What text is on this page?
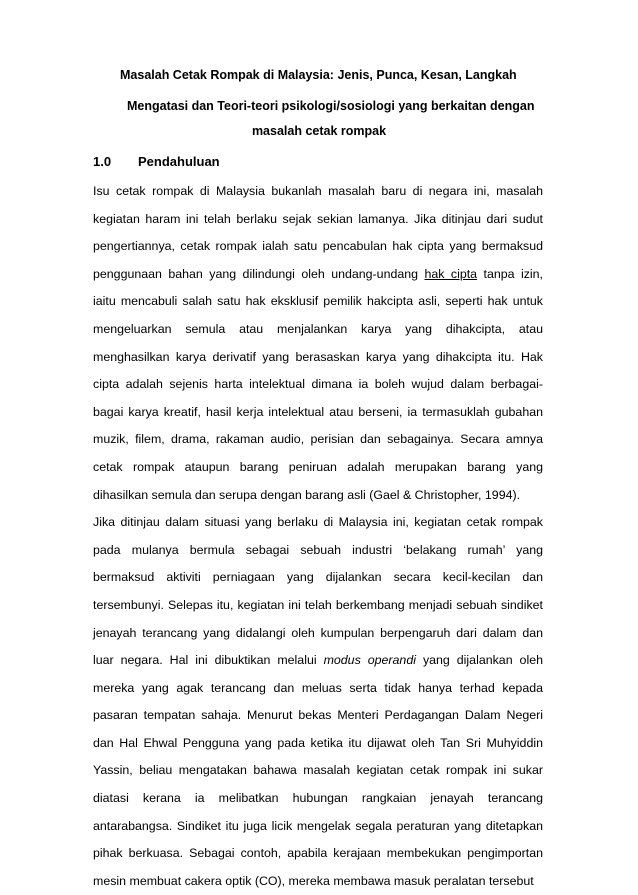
Masalah Cetak Rompak di Malaysia: Jenis, Punca, Kesan, Langkah
Mengatasi dan Teori-teori psikologi/sosiologi yang berkaitan dengan
masalah cetak rompak
1.0 Pendahuluan
Isu cetak rompak di Malaysia bukanlah masalah baru di negara ini, masalah
kegiatan haram ini telah berlaku sejak sekian lamanya. Jika ditinjau dari sudut
pengertiannya, cetak rompak ialah satu pencabulan hak cipta yang bermaksud
penggunaan bahan yang dilindungi oleh undang-undang hak cipta tanpa izin,
iaitu mencabuli salah satu hak eksklusif pemilik hakcipta asli, seperti hak untuk
mengeluarkan semula atau menjalankan karya yang dihakcipta, atau
menghasilkan karya derivatif yang berasaskan karya yang dihakcipta itu. Hak
cipta adalah sejenis harta intelektual dimana ia boleh wujud dalam berbagai-
bagai karya kreatif, hasil kerja intelektual atau berseni, ia termasuklah gubahan
muzik, filem, drama, rakaman audio, perisian dan sebagainya. Secara amnya
cetak rompak ataupun barang peniruan adalah merupakan barang yang
dihasilkan semula dan serupa dengan barang asli (Gael & Christopher, 1994).
Jika ditinjau dalam situasi yang berlaku di Malaysia ini, kegiatan cetak rompak
pada mulanya bermula sebagai sebuah industri ‘belakang rumah’ yang
bermaksud aktiviti perniagaan yang dijalankan secara kecil-kecilan dan
tersembunyi. Selepas itu, kegiatan ini telah berkembang menjadi sebuah sindiket
jenayah terancang yang didalangi oleh kumpulan berpengaruh dari dalam dan
luar negara. Hal ini dibuktikan melalui modus operandi yang dijalankan oleh
mereka yang agak terancang dan meluas serta tidak hanya terhad kepada
pasaran tempatan sahaja. Menurut bekas Menteri Perdagangan Dalam Negeri
dan Hal Ehwal Pengguna yang pada ketika itu dijawat oleh Tan Sri Muhyiddin
Yassin, beliau mengatakan bahawa masalah kegiatan cetak rompak ini sukar
diatasi kerana ia melibatkan hubungan rangkaian jenayah terancang
antarabangsa. Sindiket itu juga licik mengelak segala peraturan yang ditetapkan
pihak berkuasa. Sebagai contoh, apabila kerajaan membekukan pengimportan
mesin membuat cakera optik (CO), mereka membawa masuk peralatan tersebut
